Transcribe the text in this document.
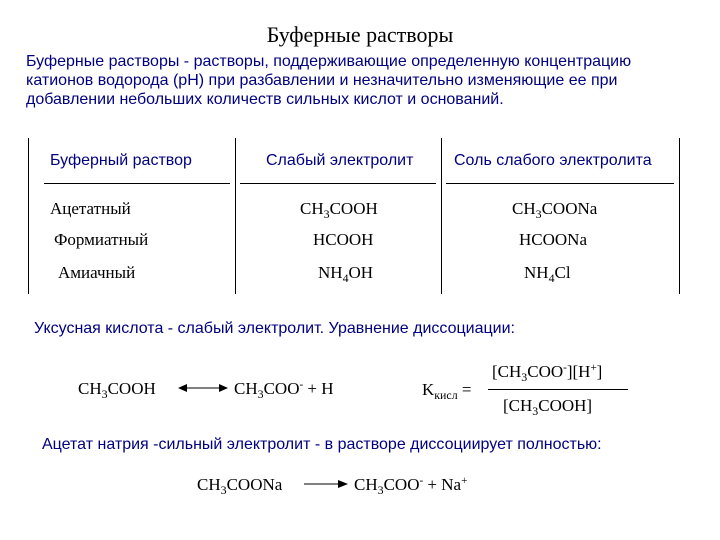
Буферные растворы
Буферные растворы - растворы, поддерживающие определенную концентрацию
катионов водорода (pH) при разбавлении и незначительно изменяющие ее при
добавлении небольших количеств сильных кислот и оснований.
Буферный раствор	Слабый электролит	Соль слабого электролита
Ацетатный	$CH_3COOH$	$CH_3COONa$
Формиатный	HCOOH	HCOONa
Амиачный	$NH_4OH$	$NH_4Cl$
Уксусная кислота - слабый электролит. Уравнение диссоциации:
$CH_3COOH$	$CH_3COO^- + H$	$K_{кисл}$ =
$[CH_3COO^-][H^+]$
$[CH_3COOH]$
Ацетат натрия -сильный электролит - в растворе диссоциирует полностью:
$CH_3COONa$	$CH_3COO^- + Na^+$
